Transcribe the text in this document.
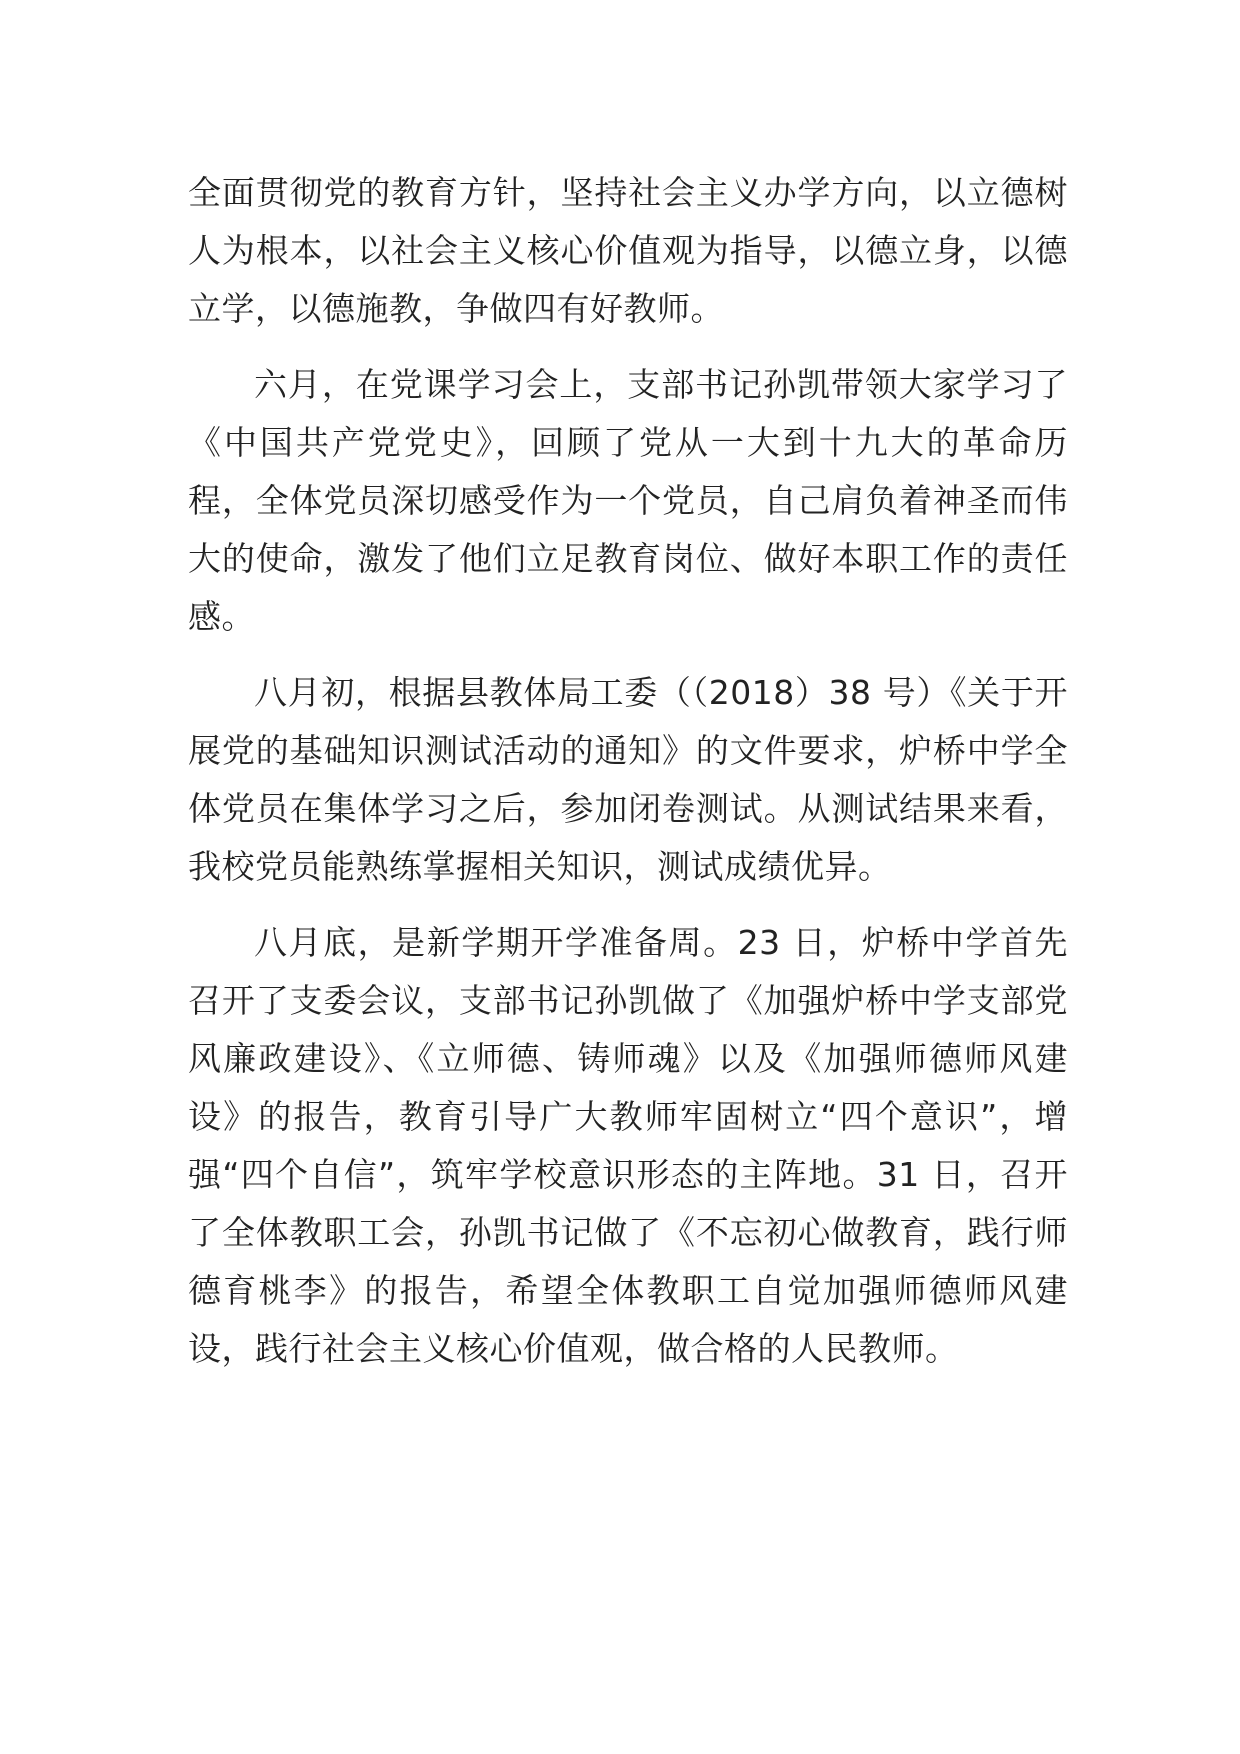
全面贯彻党的教育方针，坚持社会主义办学方向，以立德树人为根本，以社会主义核心价值观为指导，以德立身，以德立学，以德施教，争做四有好教师。

六月，在党课学习会上，支部书记孙凯带领大家学习了《中国共产党党史》，回顾了党从一大到十九大的革命历程，全体党员深切感受作为一个党员，自己肩负着神圣而伟大的使命，激发了他们立足教育岗位、做好本职工作的责任感。

八月初，根据县教体局工委（（2018）38 号）《关于开展党的基础知识测试活动的通知》的文件要求，炉桥中学全体党员在集体学习之后，参加闭卷测试。从测试结果来看，我校党员能熟练掌握相关知识，测试成绩优异。

八月底，是新学期开学准备周。23 日，炉桥中学首先召开了支委会议，支部书记孙凯做了《加强炉桥中学支部党风廉政建设》、《立师德、铸师魂》以及《加强师德师风建设》的报告，教育引导广大教师牢固树立“四个意识”，增强“四个自信”，筑牢学校意识形态的主阵地。31 日，召开了全体教职工会，孙凯书记做了《不忘初心做教育，践行师德育桃李》的报告，希望全体教职工自觉加强师德师风建设，践行社会主义核心价值观，做合格的人民教师。
